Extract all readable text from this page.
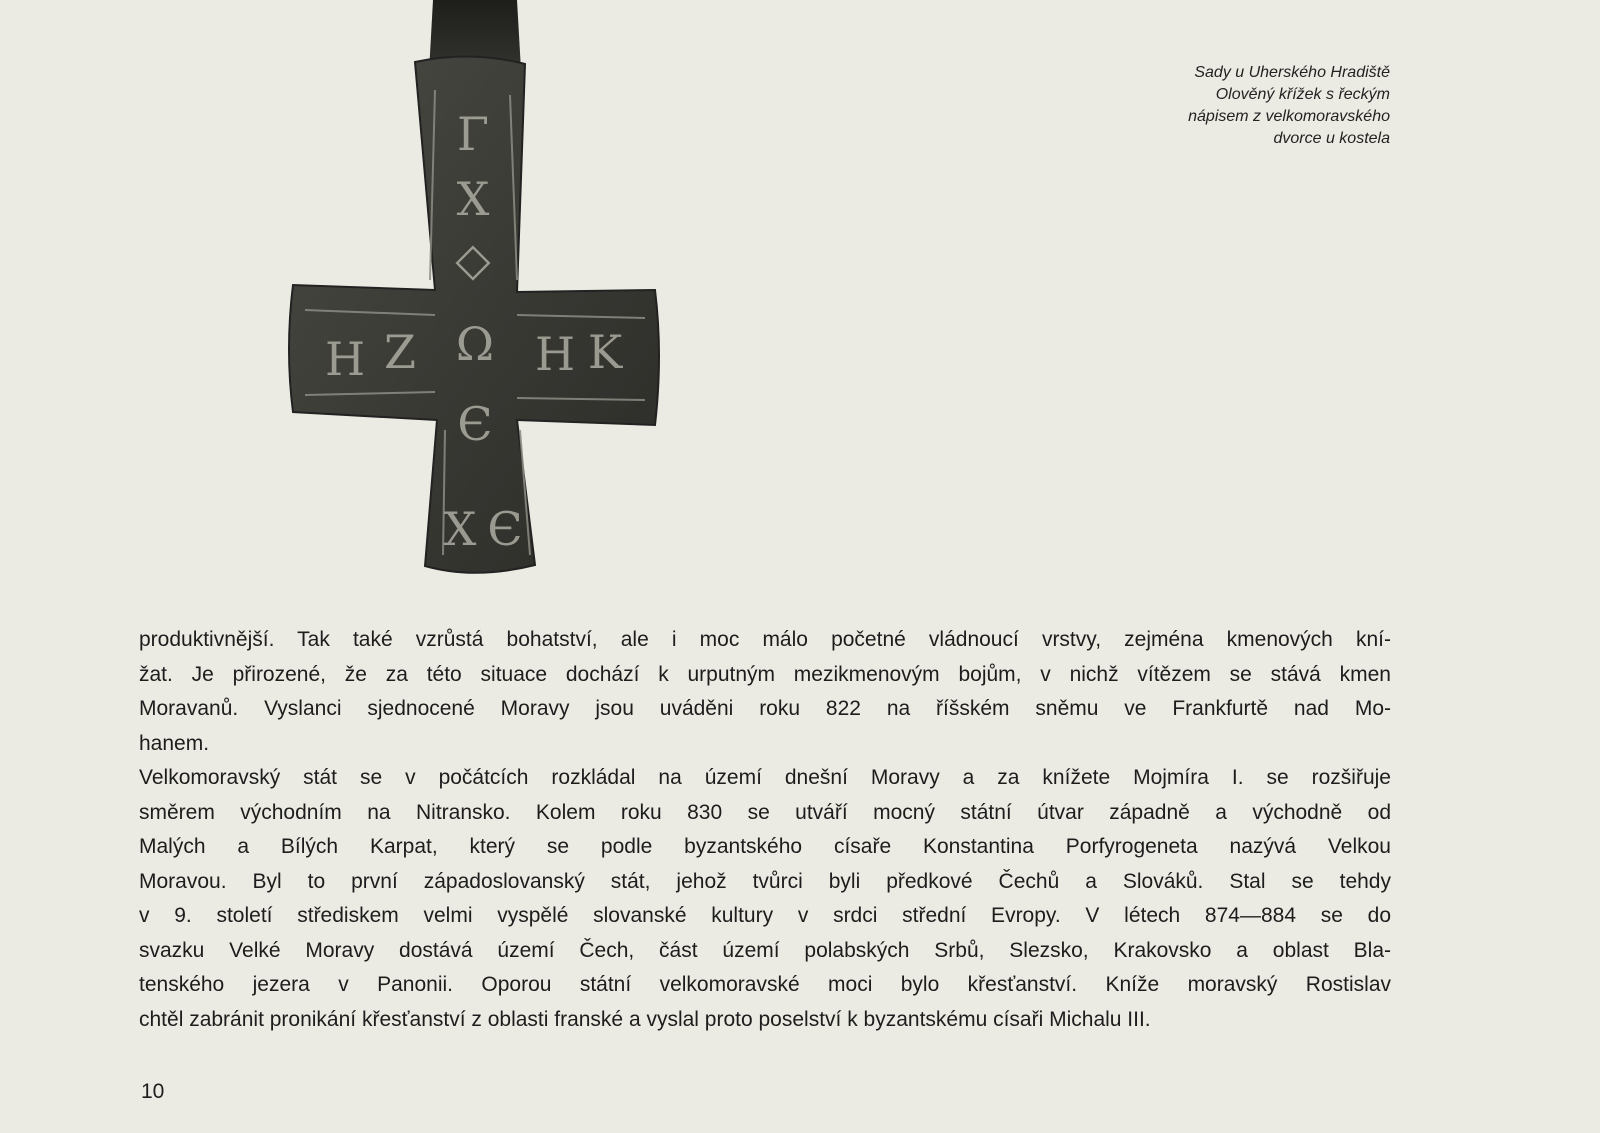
Γ
Χ
◇
Η Ζ Ω Η Κ
Є
Χ Є
Sady u Uherského Hradiště
Olověný křížek s řeckým
nápisem z velkomoravského
dvorce u kostela
produktivnější. Tak také vzrůstá bohatství, ale i moc málo početné vládnoucí vrstvy, zejména kmenových kní-
žat. Je přirozené, že za této situace dochází k urputným mezikmenovým bojům, v nichž vítězem se stává kmen
Moravanů. Vyslanci sjednocené Moravy jsou uváděni roku 822 na říšském sněmu ve Frankfurtě nad Mo-
hanem.
Velkomoravský stát se v počátcích rozkládal na území dnešní Moravy a za knížete Mojmíra I. se rozšiřuje
směrem východním na Nitransko. Kolem roku 830 se utváří mocný státní útvar západně a východně od
Malých a Bílých Karpat, který se podle byzantského císaře Konstantina Porfyrogeneta nazývá Velkou
Moravou. Byl to první západoslovanský stát, jehož tvůrci byli předkové Čechů a Slováků. Stal se tehdy
v 9. století střediskem velmi vyspělé slovanské kultury v srdci střední Evropy. V létech 874—884 se do
svazku Velké Moravy dostává území Čech, část území polabských Srbů, Slezsko, Krakovsko a oblast Bla-
tenského jezera v Panonii. Oporou státní velkomoravské moci bylo křesťanství. Kníže moravský Rostislav
chtěl zabránit pronikání křesťanství z oblasti franské a vyslal proto poselství k byzantskému císaři Michalu III.
10
